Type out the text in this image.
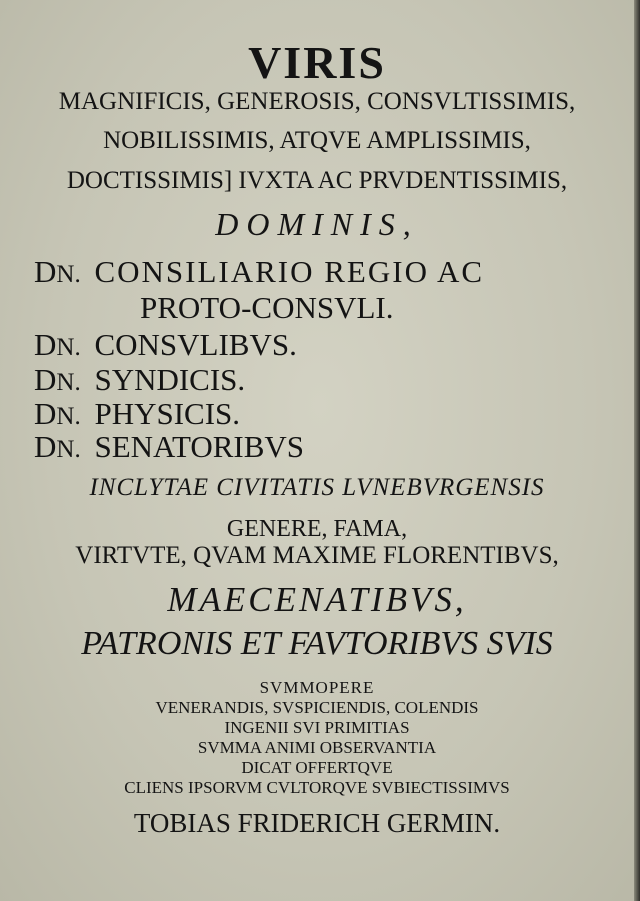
VIRIS
MAGNIFICIS, GENEROSIS, CONSVLTISSIMIS,
NOBILISSIMIS, ATQVE AMPLISSIMIS,
DOCTISSIMIS] IVXTA AC PRVDENTISSIMIS,
DOMINIS,
DN. CONSILIARIO REGIO AC
PROTO-CONSVLI.
DN. CONSVLIBVS.
DN. SYNDICIS.
DN. PHYSICIS.
DN. SENATORIBVS
INCLYTAE CIVITATIS LVNEBVRGENSIS
GENERE, FAMA,
VIRTVTE, QVAM MAXIME FLORENTIBVS,
MAECENATIBVS,
PATRONIS ET FAVTORIBVS SVIS
SVMMOPERE
VENERANDIS, SVSPICIENDIS, COLENDIS
INGENII SVI PRIMITIAS
SVMMA ANIMI OBSERVANTIA
DICAT OFFERTQVE
CLIENS IPSORVM CVLTORQVE SVBIECTISSIMVS
TOBIAS FRIDERICH GERMIN.
